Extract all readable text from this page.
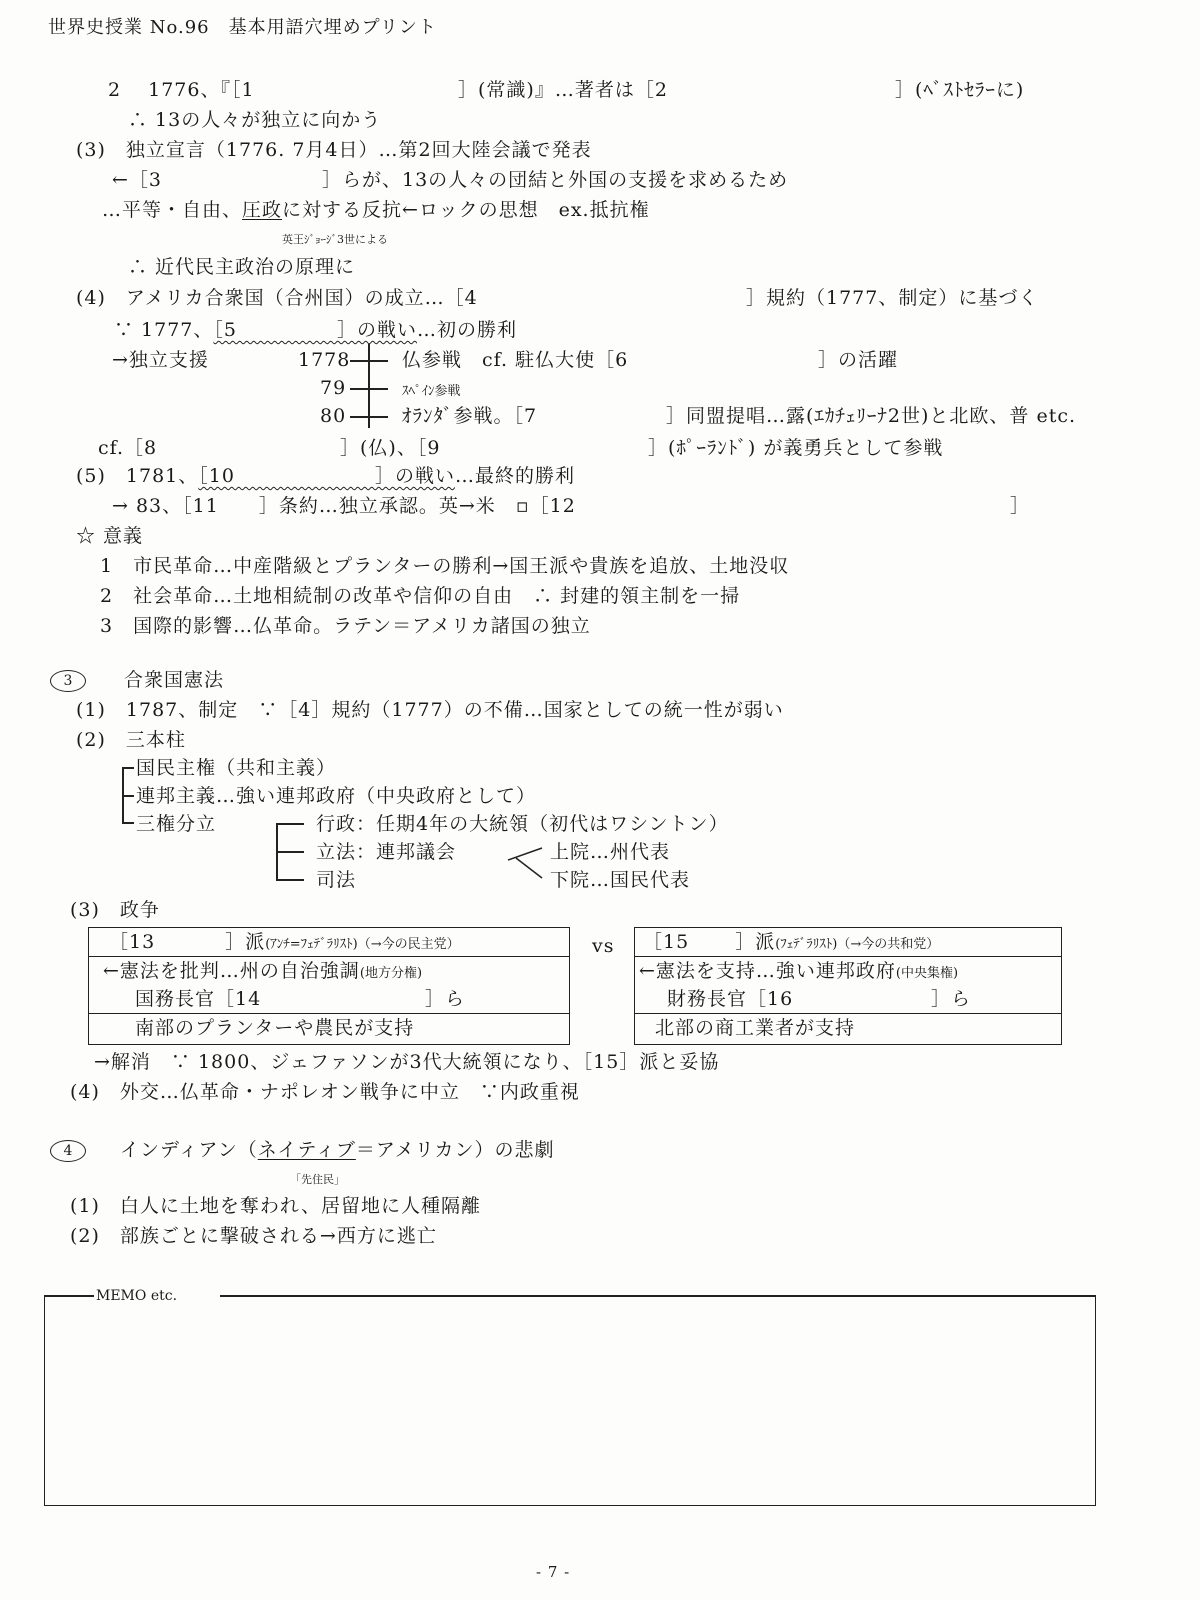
世界史授業 No.96　基本用語穴埋めプリント
2　 1776、『［1	］(常識)』…著者は［2	］(ﾍﾞｽﾄｾﾗｰに)
∴ 13の人々が独立に向かう
(3)　独立宣言（1776. 7月4日）…第2回大陸会議で発表
←［3	］らが、13の人々の団結と外国の支援を求めるため
…平等・自由、圧政に対する反抗←ロックの思想　ex.抵抗権
英王ｼﾞｮｰｼﾞ3世による
∴ 近代民主政治の原理に
(4)　アメリカ合衆国（合州国）の成立…［4	］規約（1777、制定）に基づく
∵ 1777、［5　　　　　］の戦い…初の勝利
→独立支援	1778	仏参戦　cf. 駐仏大使［6	］の活躍
79	ｽﾍﾟｲﾝ参戦
80	ｵﾗﾝﾀﾞ参戦。［7	］同盟提唱…露(ｴｶﾁｪﾘｰﾅ2世)と北欧、普 etc.
cf.［8	］(仏)、［9	］(ﾎﾟｰﾗﾝﾄﾞ) が義勇兵として参戦
(5)　1781、［10　　　　　　　］の戦い…最終的勝利
→ 83、［11　　］条約…独立承認。英→米　▫［12	］
☆ 意義
1　市民革命…中産階級とプランターの勝利→国王派や貴族を追放、土地没収
2　社会革命…土地相続制の改革や信仰の自由　∴ 封建的領主制を一掃
3　国際的影響…仏革命。ラテン＝アメリカ諸国の独立
3	合衆国憲法
(1)　1787、制定　∵［4］規約（1777）の不備…国家としての統一性が弱い
(2)　三本柱
国民主権（共和主義）
連邦主義…強い連邦政府（中央政府として）
三権分立	行政：任期4年の大統領（初代はワシントン）
立法：連邦議会
司法
上院…州代表
下院…国民代表
(3)　政争
［13	］派(ｱﾝﾁ=ﾌｪﾃﾞﾗﾘｽﾄ)（→今の民主党）
←憲法を批判…州の自治強調(地方分権)
国務長官［14	］ら
南部のプランターや農民が支持
vs ［15 ］派(ﾌｪﾃﾞﾗﾘｽﾄ)（→今の共和党）
←憲法を支持…強い連邦政府(中央集権)
財務長官［16	］ら
北部の商工業者が支持
→解消　∵ 1800、ジェファソンが3代大統領になり、［15］派と妥協
(4)　外交…仏革命・ナポレオン戦争に中立　∵内政重視
4	インディアン（ネイティブ＝アメリカン）の悲劇
「先住民」
(1)　白人に土地を奪われ、居留地に人種隔離
(2)　部族ごとに撃破される→西方に逃亡
MEMO etc.
- 7 -
